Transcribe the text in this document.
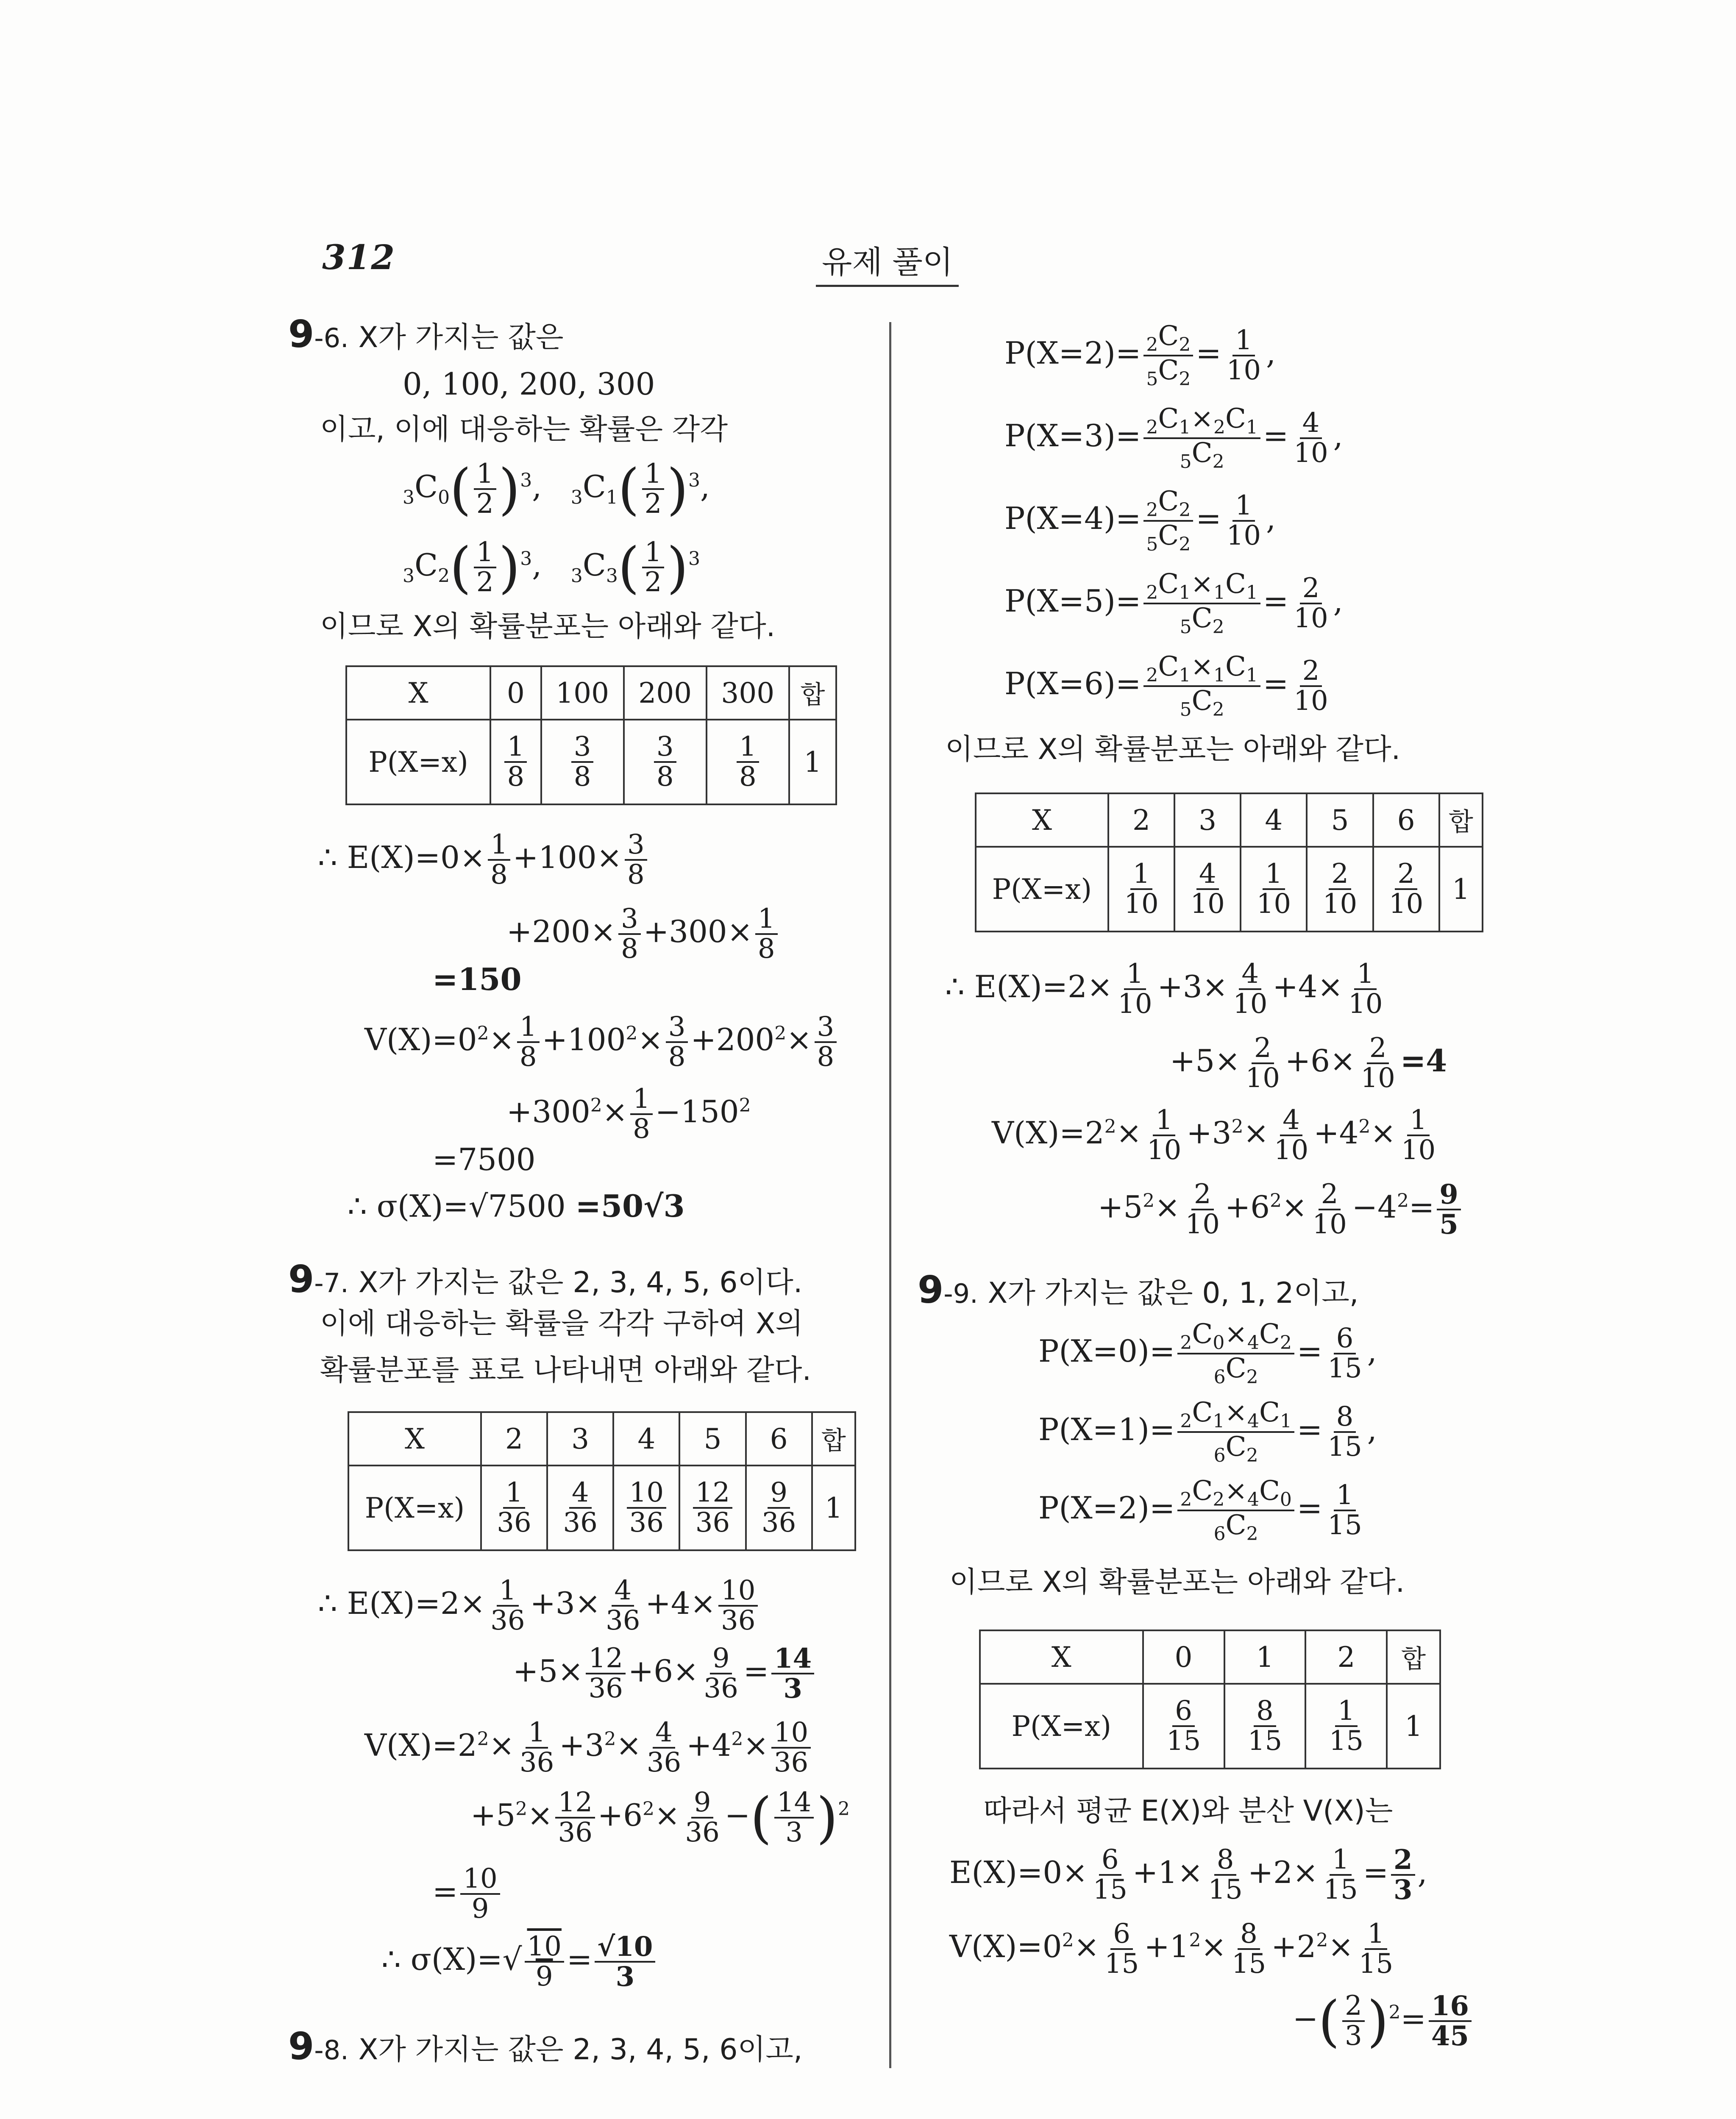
312	유제 풀이
9-6. X가 가지는 값은
0, 100, 200, 300
이고, 이에 대응하는 확률은 각각
$_3C_0( \frac{1}{2} )^3$,   $_3C_1( \frac{1}{2} )^3$,
$_3C_2( \frac{1}{2} )^3$,   $_3C_3( \frac{1}{2} )^3$
이므로 X의 확률분포는 아래와 같다.
X	0	100	200	300	합
P(X=x)	$\frac{1}{8}$	$\frac{3}{8}$	$\frac{3}{8}$	$\frac{1}{8}$	1
∴ $E(X)=0\times \frac{1}{8} +100\times \frac{3}{8}$
$+200\times \frac{3}{8} +300\times \frac{1}{8}$
=150
$V(X)=0^2\times \frac{1}{8} +100^2\times \frac{3}{8} +200^2\times \frac{3}{8}$
$+300^2\times \frac{1}{8} -150^2$
=7500
∴ σ(X)=√7500 =50√3
9-7. X가 가지는 값은 2, 3, 4, 5, 6이다.
이에 대응하는 확률을 각각 구하여 X의
확률분포를 표로 나타내면 아래와 같다.
X	2	3	4	5	6	합
P(X=x)	$\frac{1}{36}$	$\frac{4}{36}$	$\frac{10}{36}$	$\frac{12}{36}$	$\frac{9}{36}$	1
∴ $E(X)=2\times \frac{1}{36} +3\times \frac{4}{36} +4\times \frac{10}{36}$
$+5\times \frac{12}{36} +6\times \frac{9}{36} = \frac{14}{3}$
$V(X)=2^2\times \frac{1}{36} +3^2\times \frac{4}{36} +4^2\times \frac{10}{36}$
$+5^2\times \frac{12}{36} +6^2\times \frac{9}{36}$ −( $\frac{14}{3} )^2$
= $\frac{10}{9}$
∴ $\sigma(X)=√ \frac{10}{9} = \frac{√10}{3}$
9-8. X가 가지는 값은 2, 3, 4, 5, 6이고,
$P(X=2)= \frac{_2C_2}{_5C_2} = \frac{1}{10}$ ,
$P(X=3)= \frac{_2C_1\times_2C_1}{_5C_2} = \frac{4}{10}$ ,
$P(X=4)= \frac{_2C_2}{_5C_2} = \frac{1}{10}$ ,
$P(X=5)= \frac{_2C_1\times_1C_1}{_5C_2} = \frac{2}{10}$ ,
$P(X=6)= \frac{_2C_1\times_1C_1}{_5C_2} = \frac{2}{10}$
이므로 X의 확률분포는 아래와 같다.
X	2	3	4	5	6	합
P(X=x)	$\frac{1}{10}$	$\frac{4}{10}$	$\frac{1}{10}$	$\frac{2}{10}$	$\frac{2}{10}$	1
∴ $E(X)=2\times \frac{1}{10} +3\times \frac{4}{10} +4\times \frac{1}{10}$
$+5\times \frac{2}{10} +6\times \frac{2}{10} =4$
$V(X)=2^2\times \frac{1}{10} +3^2\times \frac{4}{10} +4^2\times \frac{1}{10}$
$+5^2\times \frac{2}{10} +6^2\times \frac{2}{10} -4^2= \frac{9}{5}$
9-9. X가 가지는 값은 0, 1, 2이고,
$P(X=0)= \frac{_2C_0\times_4C_2}{_6C_2} = \frac{6}{15}$ ,
$P(X=1)= \frac{_2C_1\times_4C_1}{_6C_2} = \frac{8}{15}$ ,
$P(X=2)= \frac{_2C_2\times_4C_0}{_6C_2} = \frac{1}{15}$
이므로 X의 확률분포는 아래와 같다.
X	0	1	2	합
P(X=x)	$\frac{6}{15}$	$\frac{8}{15}$	$\frac{1}{15}$	1
따라서 평균 E(X)와 분산 V(X)는
$E(X)=0\times \frac{6}{15} +1\times \frac{8}{15} +2\times \frac{1}{15} = \frac{2}{3}$ ,
$V(X)=0^2\times \frac{6}{15} +1^2\times \frac{8}{15} +2^2\times \frac{1}{15}$
−( $\frac{2}{3} )^2= \frac{16}{45}$
